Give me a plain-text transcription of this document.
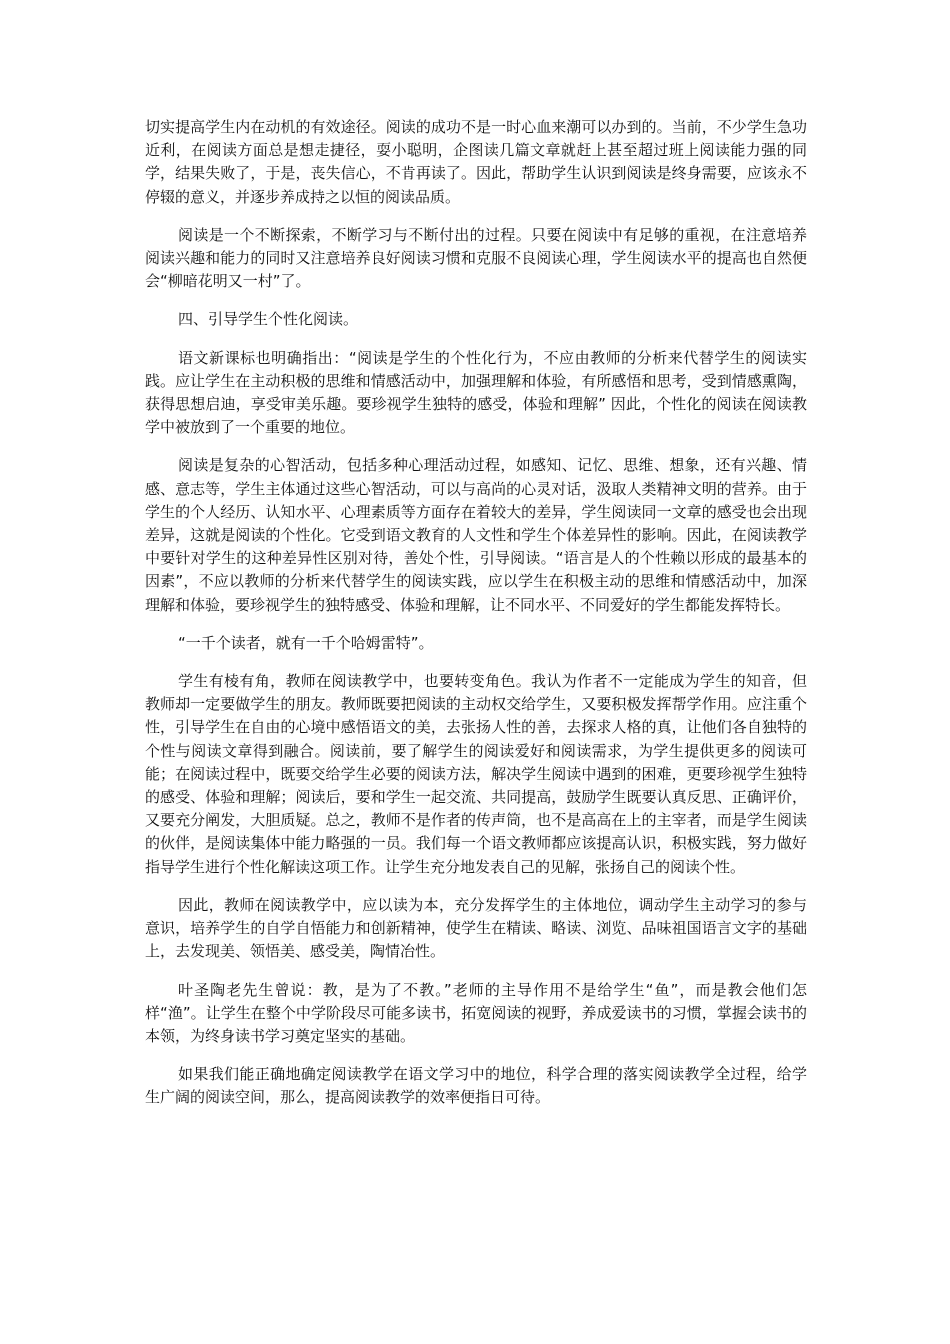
切实提高学生内在动机的有效途径。阅读的成功不是一时心血来潮可以办到的。当前，不少学生急功近利，在阅读方面总是想走捷径，耍小聪明，企图读几篇文章就赶上甚至超过班上阅读能力强的同学，结果失败了，于是，丧失信心，不肯再读了。因此，帮助学生认识到阅读是终身需要，应该永不停辍的意义，并逐步养成持之以恒的阅读品质。

阅读是一个不断探索，不断学习与不断付出的过程。只要在阅读中有足够的重视，在注意培养阅读兴趣和能力的同时又注意培养良好阅读习惯和克服不良阅读心理，学生阅读水平的提高也自然便会“柳暗花明又一村”了。

四、引导学生个性化阅读。

语文新课标也明确指出：“阅读是学生的个性化行为，不应由教师的分析来代替学生的阅读实践。应让学生在主动积极的思维和情感活动中，加强理解和体验，有所感悟和思考，受到情感熏陶，获得思想启迪，享受审美乐趣。要珍视学生独特的感受，体验和理解” 因此，个性化的阅读在阅读教学中被放到了一个重要的地位。

阅读是复杂的心智活动，包括多种心理活动过程，如感知、记忆、思维、想象，还有兴趣、情感、意志等，学生主体通过这些心智活动，可以与高尚的心灵对话，汲取人类精神文明的营养。由于学生的个人经历、认知水平、心理素质等方面存在着较大的差异，学生阅读同一文章的感受也会出现差异，这就是阅读的个性化。它受到语文教育的人文性和学生个体差异性的影响。因此，在阅读教学中要针对学生的这种差异性区别对待，善处个性，引导阅读。“语言是人的个性赖以形成的最基本的因素”，不应以教师的分析来代替学生的阅读实践，应以学生在积极主动的思维和情感活动中，加深理解和体验，要珍视学生的独特感受、体验和理解，让不同水平、不同爱好的学生都能发挥特长。

“一千个读者，就有一千个哈姆雷特”。

学生有棱有角，教师在阅读教学中，也要转变角色。我认为作者不一定能成为学生的知音，但教师却一定要做学生的朋友。教师既要把阅读的主动权交给学生，又要积极发挥帮学作用。应注重个性，引导学生在自由的心境中感悟语文的美，去张扬人性的善，去探求人格的真，让他们各自独特的个性与阅读文章得到融合。阅读前，要了解学生的阅读爱好和阅读需求，为学生提供更多的阅读可能；在阅读过程中，既要交给学生必要的阅读方法，解决学生阅读中遇到的困难，更要珍视学生独特的感受、体验和理解；阅读后，要和学生一起交流、共同提高，鼓励学生既要认真反思、正确评价，又要充分阐发，大胆质疑。总之，教师不是作者的传声筒，也不是高高在上的主宰者，而是学生阅读的伙伴，是阅读集体中能力略强的一员。我们每一个语文教师都应该提高认识，积极实践，努力做好指导学生进行个性化解读这项工作。让学生充分地发表自己的见解，张扬自己的阅读个性。

因此，教师在阅读教学中，应以读为本，充分发挥学生的主体地位，调动学生主动学习的参与意识，培养学生的自学自悟能力和创新精神，使学生在精读、略读、浏览、品味祖国语言文字的基础上，去发现美、领悟美、感受美，陶情冶性。

叶圣陶老先生曾说：教，是为了不教。”老师的主导作用不是给学生“鱼”，而是教会他们怎样“渔”。让学生在整个中学阶段尽可能多读书，拓宽阅读的视野，养成爱读书的习惯，掌握会读书的本领，为终身读书学习奠定坚实的基础。

如果我们能正确地确定阅读教学在语文学习中的地位，科学合理的落实阅读教学全过程，给学生广阔的阅读空间，那么，提高阅读教学的效率便指日可待。
